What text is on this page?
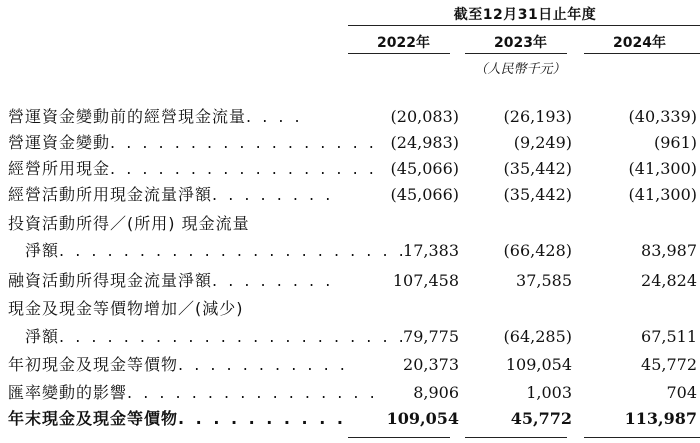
截至12月31日止年度
2022年	2023年	2024年
（人民幣千元）
營運資金變動前的經營現金流量. . . .	(20,083)	(26,193)	(40,339)
營運資金變動. . . . . . . . . . . . . . . . . (24,983)	(9,249)	(961)
經營所用現金. . . . . . . . . . . . . . . . . (45,066)	(35,442)	(41,300)
經營活動所用現金流量淨額. . . . . . . .	(45,066)	(35,442)	(41,300)
投資活動所得／(所用) 現金流量
　淨額. . . . . . . . . . . . . . . . . . . . . .
17,383	(66,428)	83,987
融資活動所得現金流量淨額. . . . . . . .	107,458	37,585	24,824
現金及現金等價物增加／(減少)
　淨額. . . . . . . . . . . . . . . . . . . . . .
79,775	(64,285)	67,511
年初現金及現金等價物. . . . . . . . . . .	20,373	109,054	45,772
匯率變動的影響. . . . . . . . . . . . . . . .	8,906	1,003	704
年末現金及現金等價物. . . . . . . . . .	109,054	45,772	113,987
